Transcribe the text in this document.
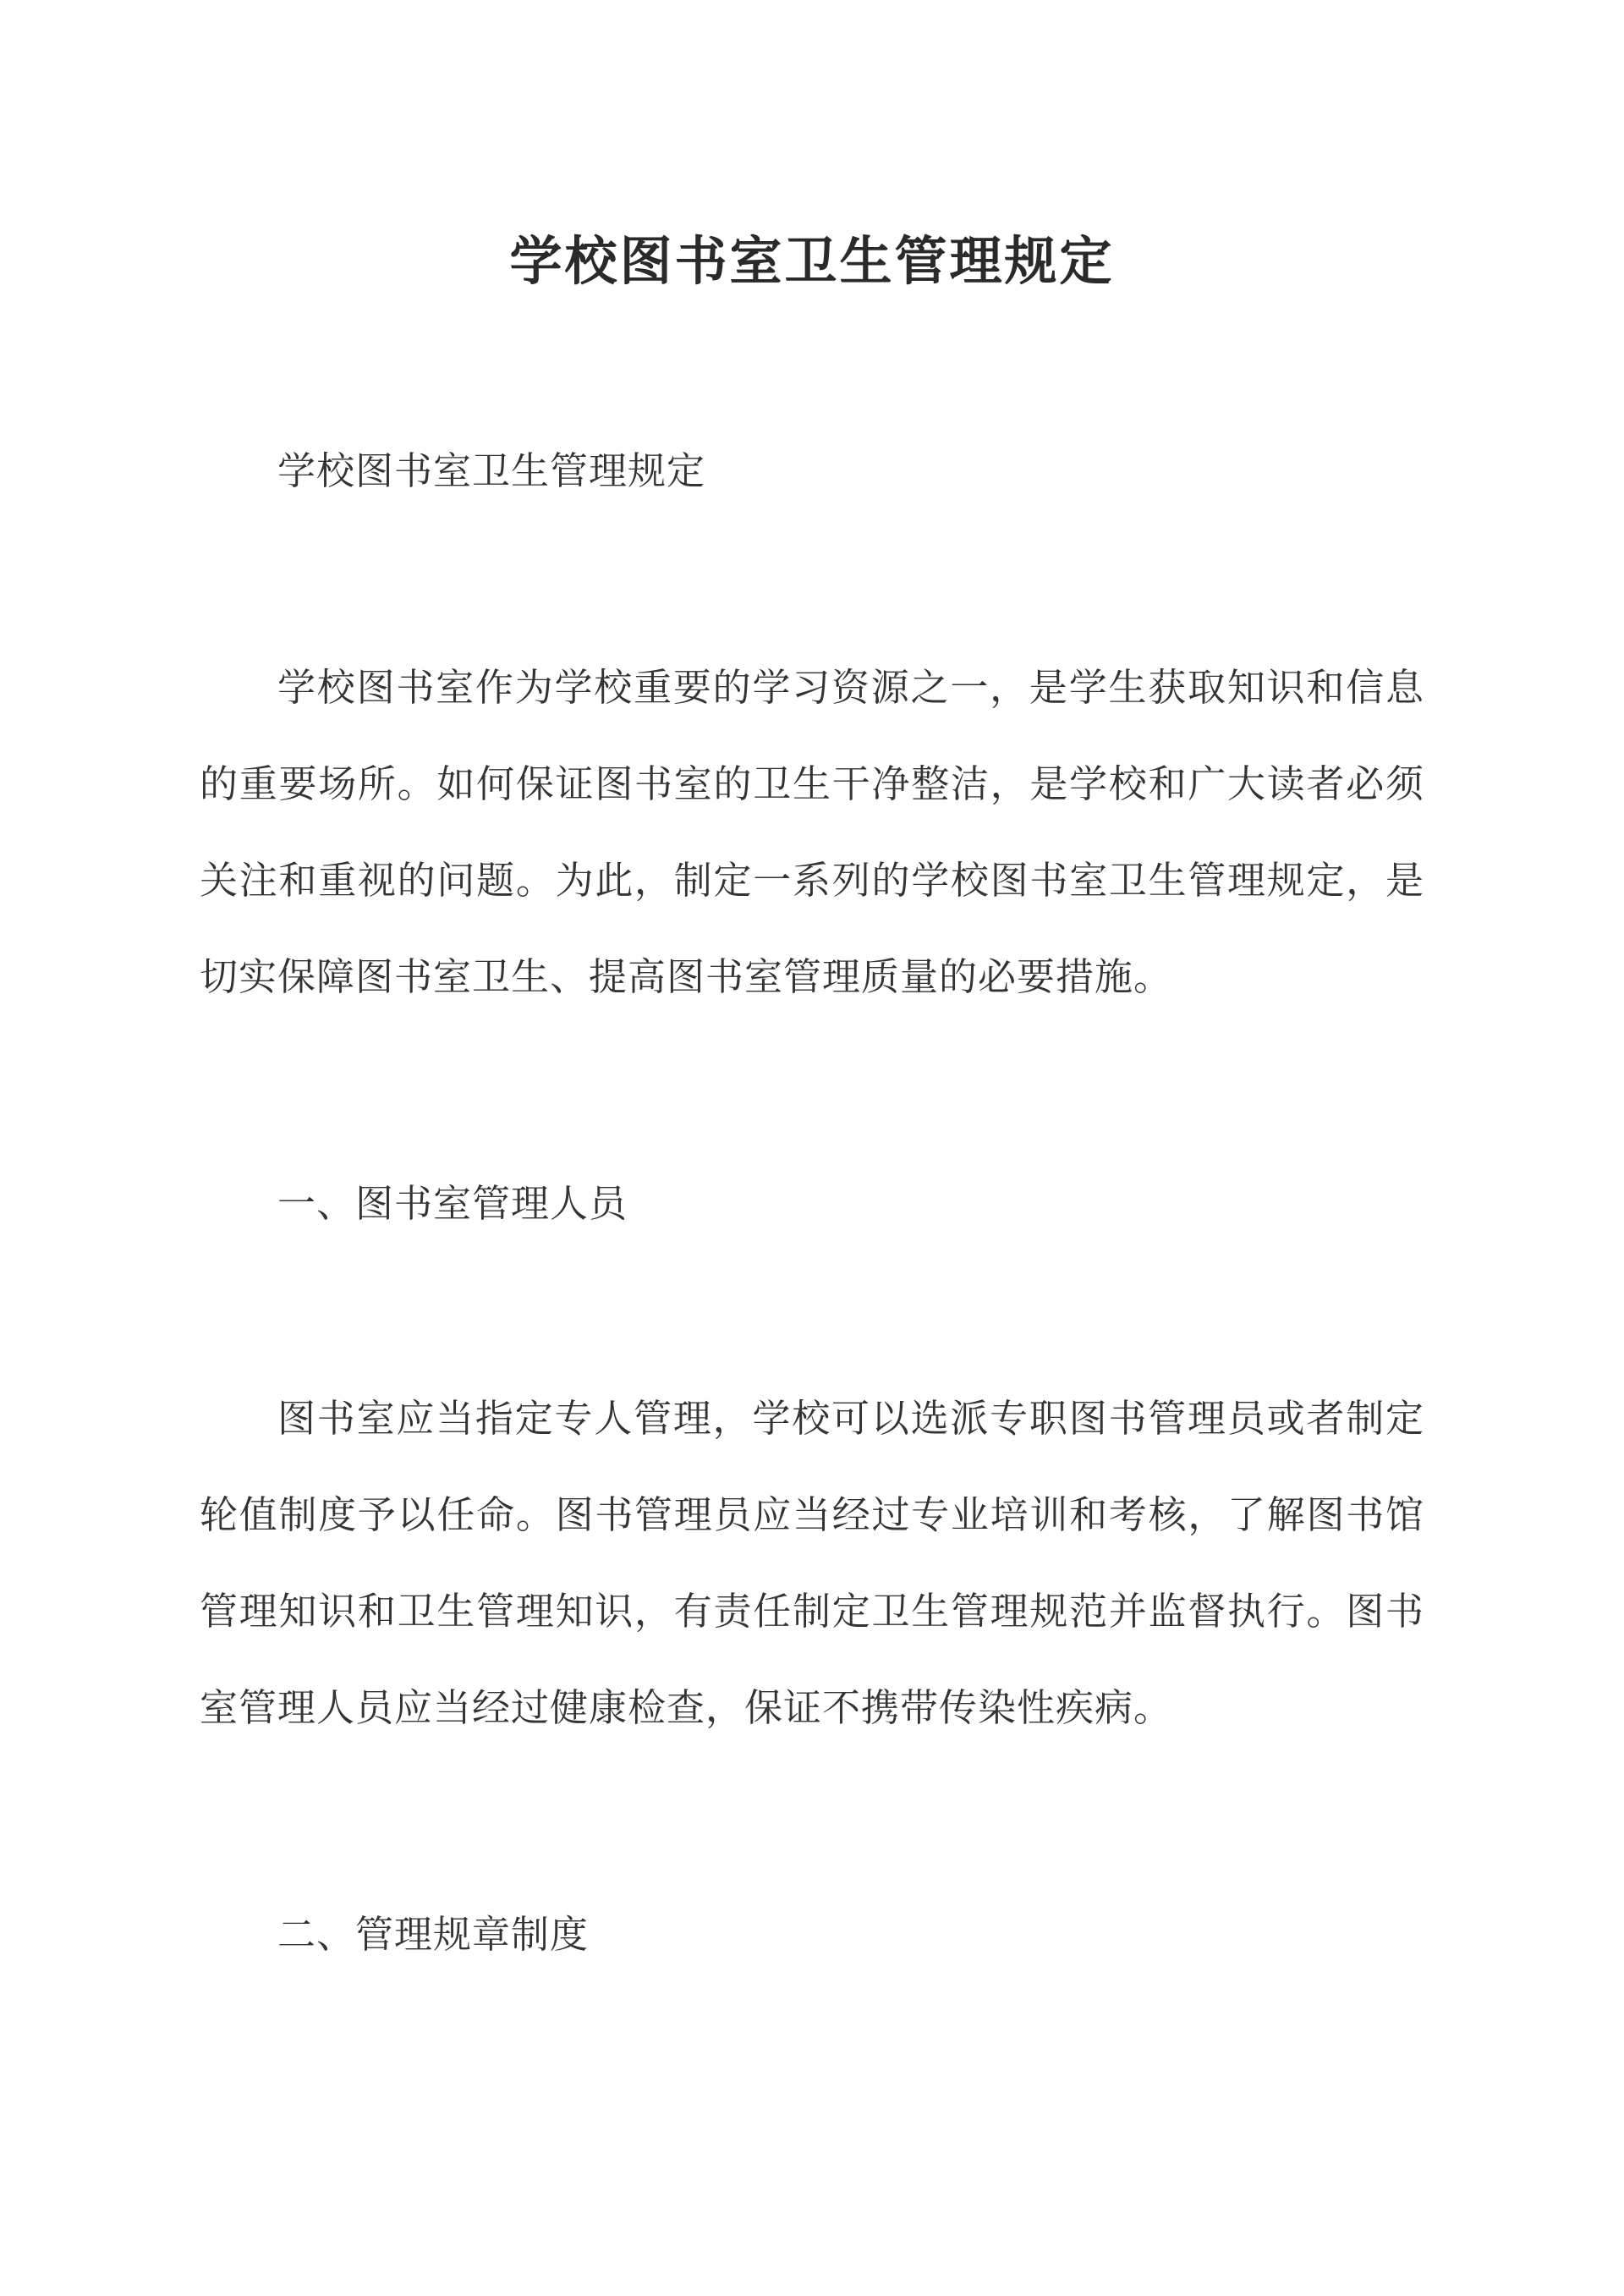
学校图书室卫生管理规定

学校图书室卫生管理规定

学校图书室作为学校重要的学习资源之一，是学生获取知识和信息的重要场所。如何保证图书室的卫生干净整洁，是学校和广大读者必须关注和重视的问题。为此，制定一系列的学校图书室卫生管理规定，是切实保障图书室卫生、提高图书室管理质量的必要措施。

一、图书室管理人员

图书室应当指定专人管理，学校可以选派专职图书管理员或者制定轮值制度予以任命。图书管理员应当经过专业培训和考核，了解图书馆管理知识和卫生管理知识，有责任制定卫生管理规范并监督执行。图书室管理人员应当经过健康检查，保证不携带传染性疾病。

二、管理规章制度
